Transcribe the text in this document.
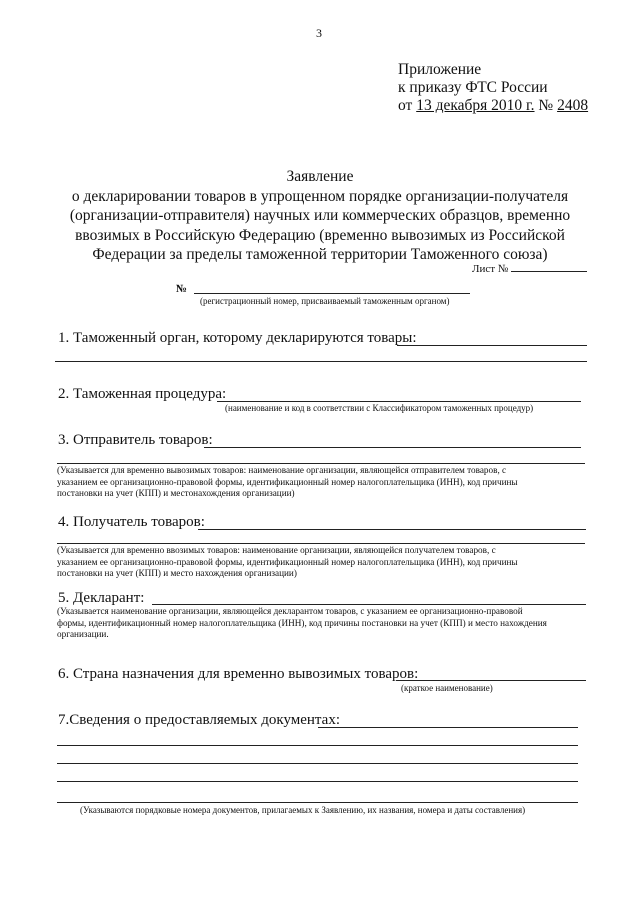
3
Приложение
к приказу ФТС России
от 13 декабря 2010 г. № 2408
Заявление
о декларировании товаров в упрощенном порядке организации-получателя
(организации-отправителя) научных или коммерческих образцов, временно
ввозимых в Российскую Федерацию (временно вывозимых из Российской
Федерации за пределы таможенной территории Таможенного союза)
Лист №
№
(регистрационный номер, присваиваемый таможенным органом)
1. Таможенный орган, которому декларируются товары:
2. Таможенная процедура:
(наименование и код в соответствии с Классификатором таможенных процедур)
3. Отправитель товаров:
(Указывается для временно вывозимых товаров: наименование организации, являющейся отправителем товаров, с
указанием ее организационно-правовой формы, идентификационный номер налогоплательщика (ИНН), код причины
постановки на учет (КПП) и местонахождения организации)
4. Получатель товаров:
(Указывается для временно ввозимых товаров: наименование организации, являющейся получателем товаров, с
указанием ее организационно-правовой формы, идентификационный номер налогоплательщика (ИНН), код причины
постановки на учет (КПП) и место нахождения организации)
5. Декларант:
(Указывается наименование организации, являющейся декларантом товаров, с указанием ее организационно-правовой
формы, идентификационный номер налогоплательщика (ИНН), код причины постановки на учет (КПП) и место нахождения
организации.
6. Страна назначения для временно вывозимых товаров:
(краткое наименование)
7.Сведения о предоставляемых документах:
(Указываются порядковые номера документов, прилагаемых к Заявлению, их названия, номера и даты составления)
